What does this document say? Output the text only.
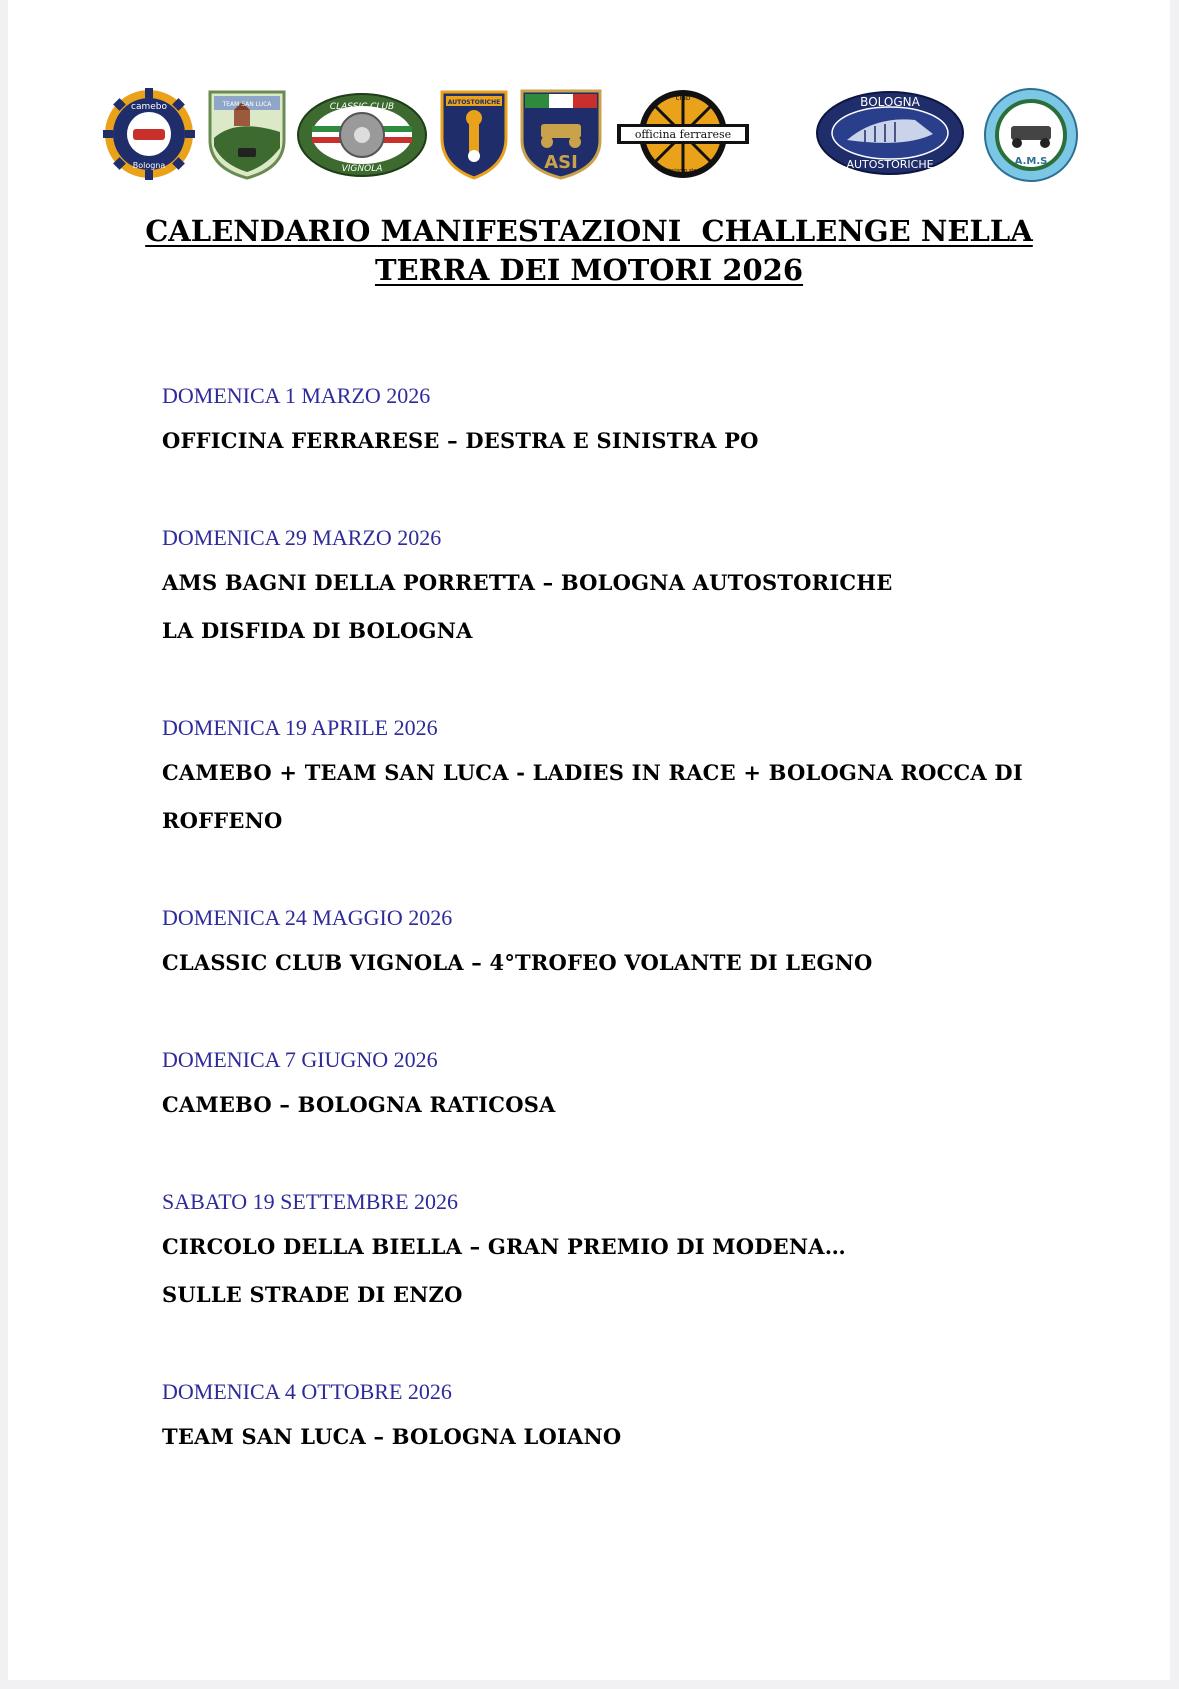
camebo
Bologna
TEAM SAN LUCA	CLASSIC CLUB
VIGNOLA
AUTOSTORICHE
ASI
officina ferrarese
club
motorismo storico
BOLOGNA
AUTOSTORICHE	A.M.S
CALENDARIO MANIFESTAZIONI  CHALLENGE NELLA
TERRA DEI MOTORI 2026

DOMENICA 1 MARZO 2026

OFFICINA FERRARESE – DESTRA E SINISTRA PO

DOMENICA 29 MARZO 2026

AMS BAGNI DELLA PORRETTA – BOLOGNA AUTOSTORICHE

LA DISFIDA DI BOLOGNA

DOMENICA 19 APRILE 2026

CAMEBO + TEAM SAN LUCA - LADIES IN RACE + BOLOGNA ROCCA DI

ROFFENO

DOMENICA 24 MAGGIO 2026

CLASSIC CLUB VIGNOLA – 4°TROFEO VOLANTE DI LEGNO

DOMENICA 7 GIUGNO 2026

CAMEBO – BOLOGNA RATICOSA

SABATO 19 SETTEMBRE 2026

CIRCOLO DELLA BIELLA – GRAN PREMIO DI MODENA…

SULLE STRADE DI ENZO

DOMENICA 4 OTTOBRE 2026

TEAM SAN LUCA – BOLOGNA LOIANO
